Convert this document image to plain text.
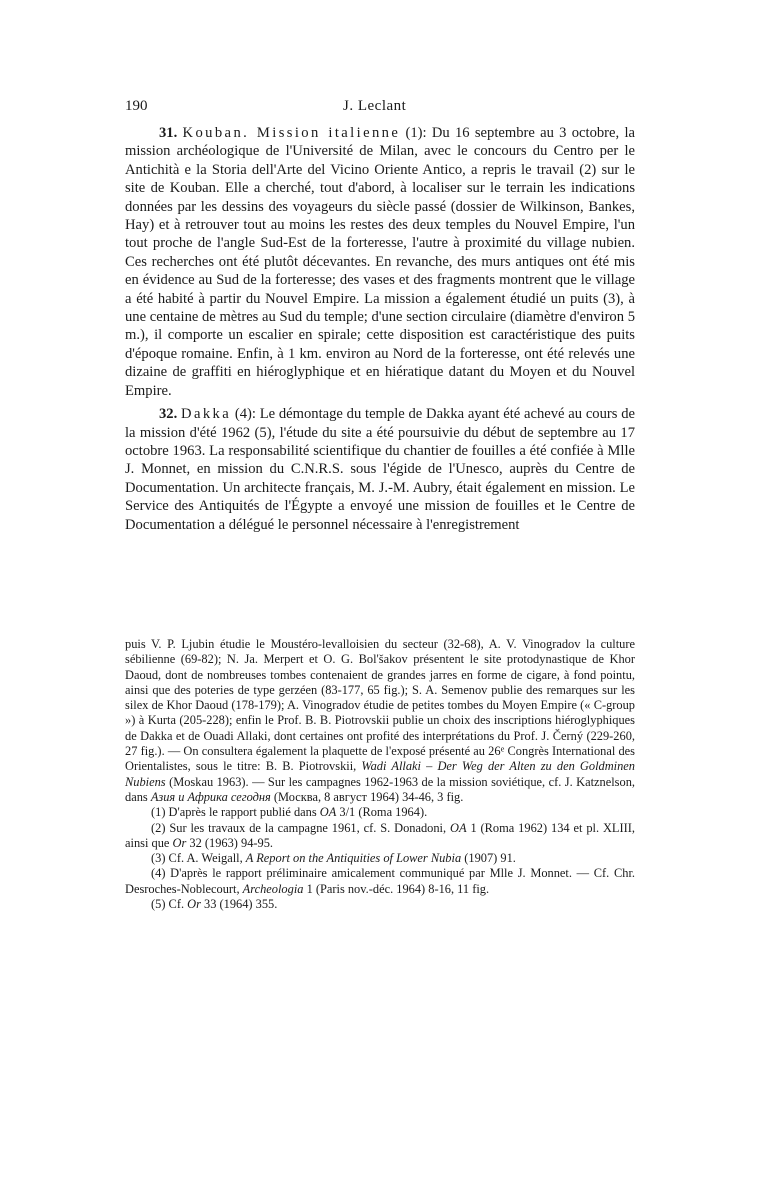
190	J. Leclant

31. Kouban. Mission italienne (1): Du 16 septembre au 3 octobre, la mission archéologique de l'Université de Milan, avec le concours du Centro per le Antichità e la Storia dell'Arte del Vicino Oriente Antico, a repris le travail (2) sur le site de Kouban. Elle a cherché, tout d'abord, à localiser sur le terrain les indications données par les dessins des voyageurs du siècle passé (dossier de Wilkinson, Bankes, Hay) et à retrouver tout au moins les restes des deux temples du Nouvel Empire, l'un tout proche de l'angle Sud-Est de la forteresse, l'autre à proximité du village nubien. Ces recherches ont été plutôt décevantes. En revanche, des murs antiques ont été mis en évidence au Sud de la forteresse; des vases et des fragments montrent que le village a été habité à partir du Nouvel Empire. La mission a également étudié un puits (3), à une centaine de mètres au Sud du temple; d'une section circulaire (diamètre d'environ 5 m.), il comporte un escalier en spirale; cette disposition est caractéristique des puits d'époque romaine. Enfin, à 1 km. environ au Nord de la forteresse, ont été relevés une dizaine de graffiti en hiéroglyphique et en hiératique datant du Moyen et du Nouvel Empire.

32. Dakka (4): Le démontage du temple de Dakka ayant été achevé au cours de la mission d'été 1962 (5), l'étude du site a été poursuivie du début de septembre au 17 octobre 1963. La responsabilité scientifique du chantier de fouilles a été confiée à Mlle J. Monnet, en mission du C.N.R.S. sous l'égide de l'Unesco, auprès du Centre de Documentation. Un architecte français, M. J.-M. Aubry, était également en mission. Le Service des Antiquités de l'Égypte a envoyé une mission de fouilles et le Centre de Documentation a délégué le personnel nécessaire à l'enregistrement

puis V. P. Ljubin étudie le Moustéro-levalloisien du secteur (32-68), A. V. Vinogradov la culture sébilienne (69-82); N. Ja. Merpert et O. G. Bol'šakov présentent le site protodynastique de Khor Daoud, dont de nombreuses tombes contenaient de grandes jarres en forme de cigare, à fond pointu, ainsi que des poteries de type gerzéen (83-177, 65 fig.); S. A. Semenov publie des remarques sur les silex de Khor Daoud (178-179); A. Vinogradov étudie de petites tombes du Moyen Empire (« C-group ») à Kurta (205-228); enfin le Prof. B. B. Piotrovskii publie un choix des inscriptions hiéroglyphiques de Dakka et de Ouadi Allaki, dont certaines ont profité des interprétations du Prof. J. Černý (229-260, 27 fig.). — On consultera également la plaquette de l'exposé présenté au 26e Congrès International des Orientalistes, sous le titre: B. B. Piotrovskii, Wadi Allaki – Der Weg der Alten zu den Goldminen Nubiens (Moskau 1963). — Sur les campagnes 1962-1963 de la mission soviétique, cf. J. Katznelson, dans Азия и Африка сегодня (Москва, 8 август 1964) 34-46, 3 fig.

(1) D'après le rapport publié dans OA 3/1 (Roma 1964).

(2) Sur les travaux de la campagne 1961, cf. S. Donadoni, OA 1 (Roma 1962) 134 et pl. XLIII, ainsi que Or 32 (1963) 94-95.

(3) Cf. A. Weigall, A Report on the Antiquities of Lower Nubia (1907) 91.

(4) D'après le rapport préliminaire amicalement communiqué par Mlle J. Monnet. — Cf. Chr. Desroches-Noblecourt, Archeologia 1 (Paris nov.-déc. 1964) 8-16, 11 fig.

(5) Cf. Or 33 (1964) 355.
